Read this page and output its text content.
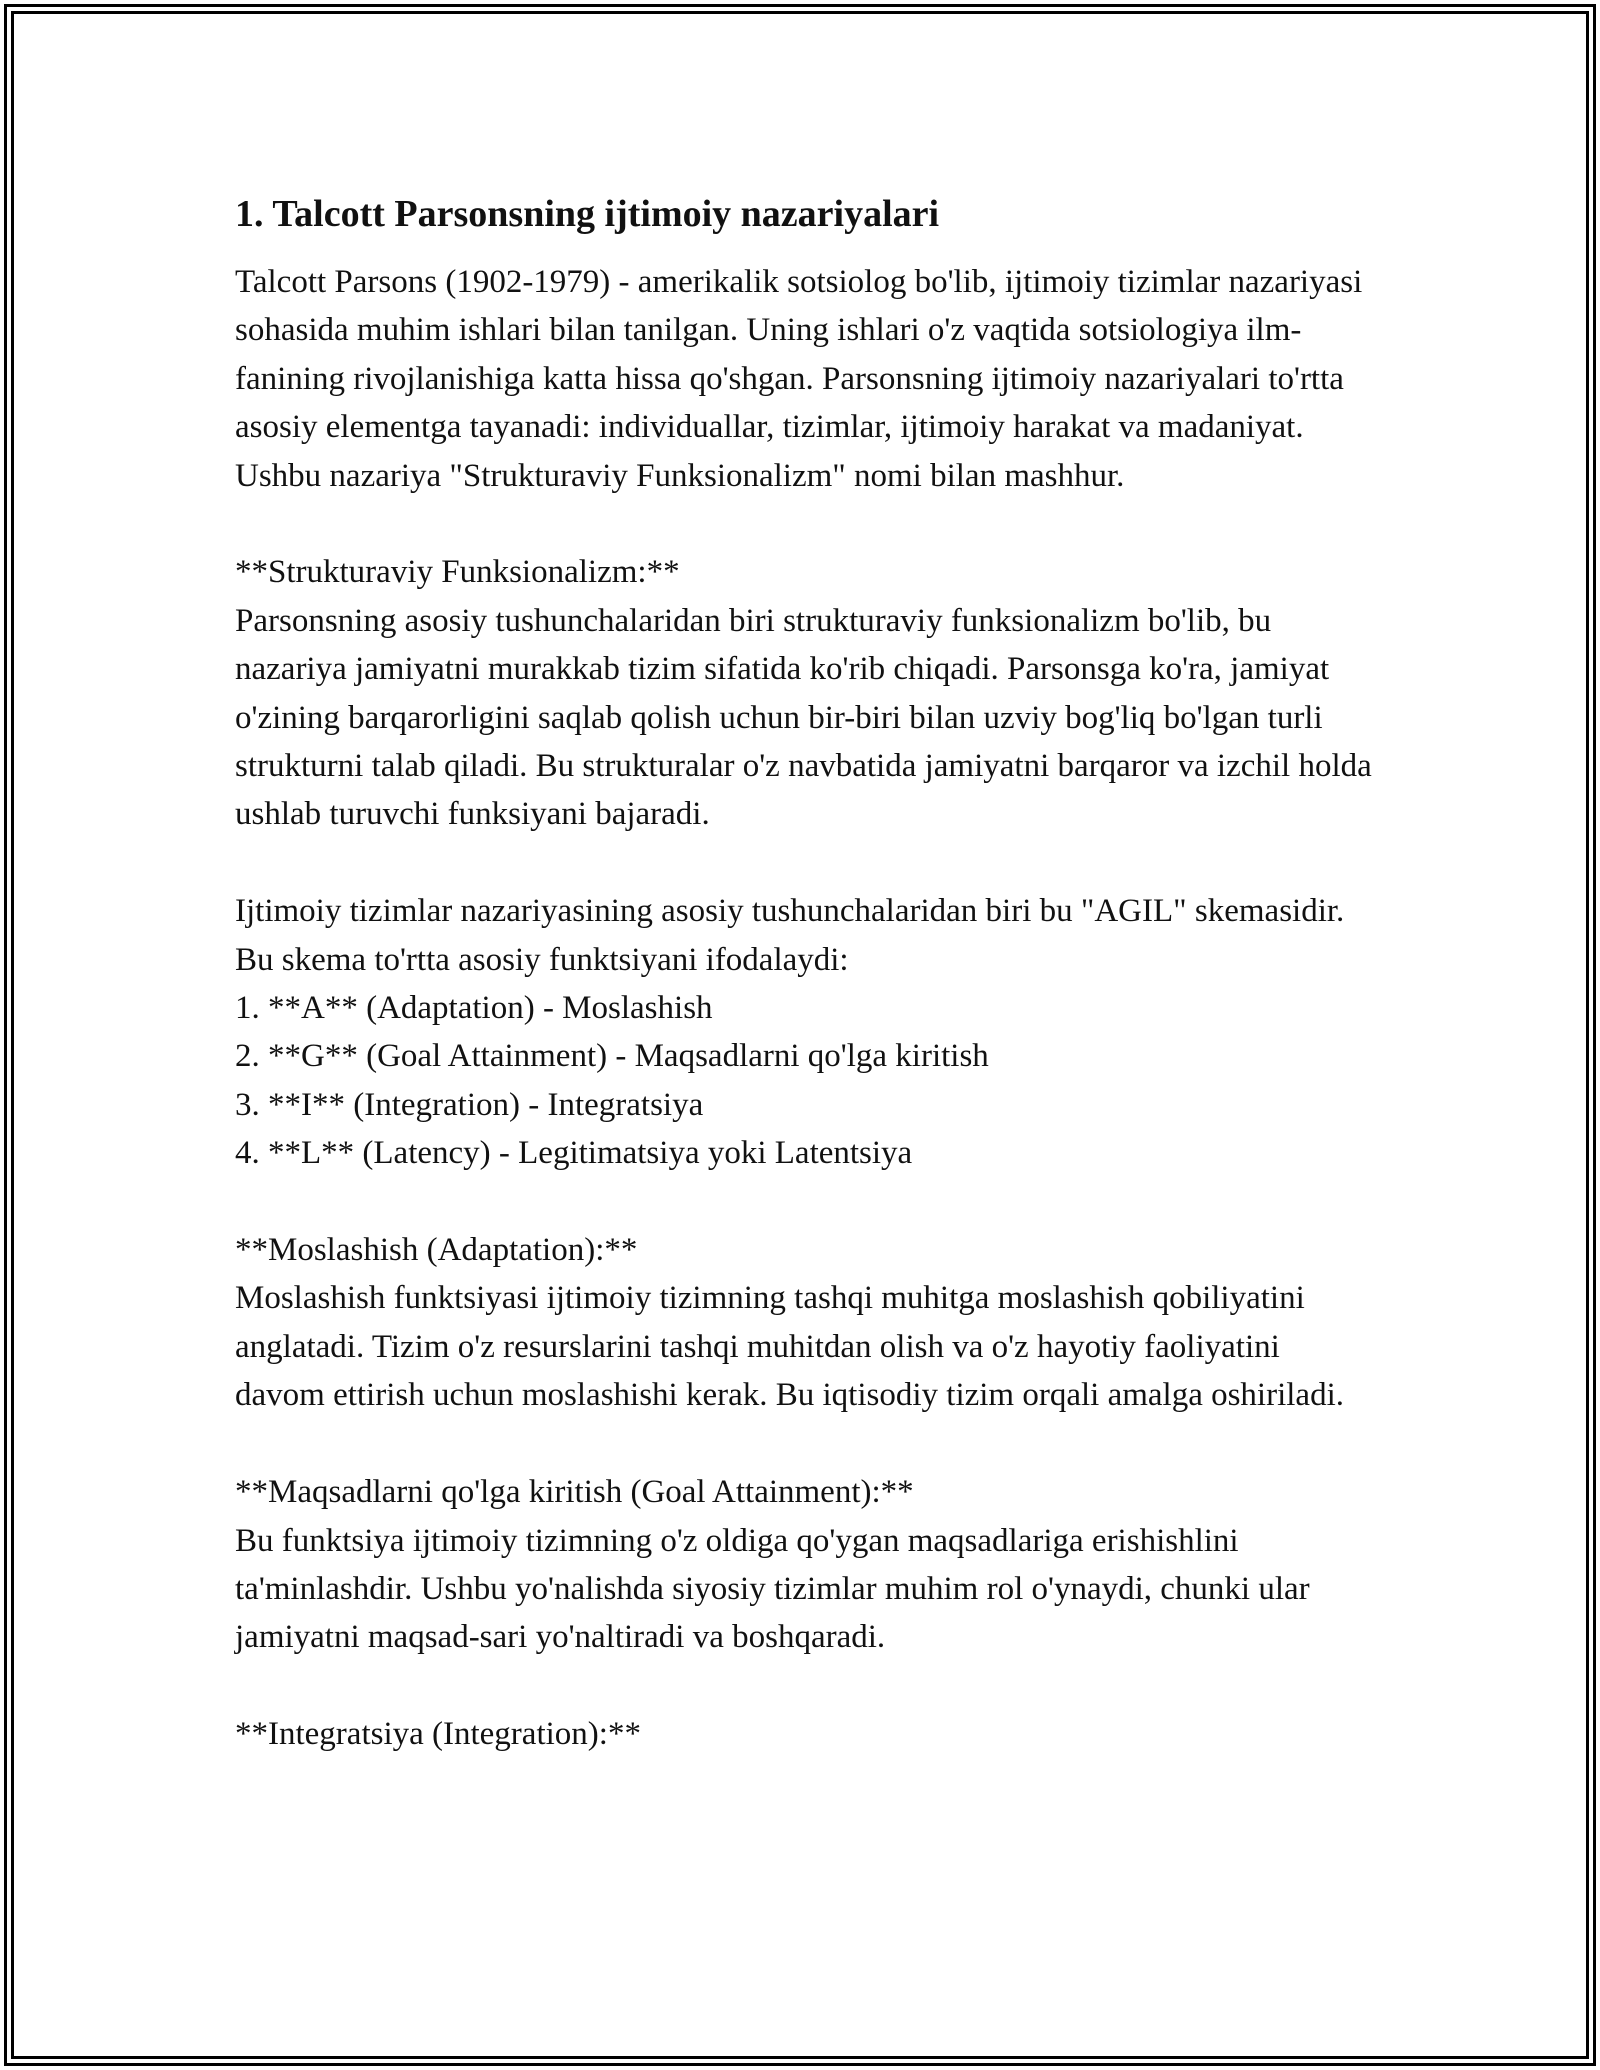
1. Talcott Parsonsning ijtimoiy nazariyalari

Talcott Parsons (1902-1979) - amerikalik sotsiolog bo'lib, ijtimoiy tizimlar nazariyasi sohasida muhim ishlari bilan tanilgan. Uning ishlari o'z vaqtida sotsiologiya ilm-fanining rivojlanishiga katta hissa qo'shgan. Parsonsning ijtimoiy nazariyalari to'rtta asosiy elementga tayanadi: individuallar, tizimlar, ijtimoiy harakat va madaniyat. Ushbu nazariya "Strukturaviy Funksionalizm" nomi bilan mashhur.

**Strukturaviy Funksionalizm:**

Parsonsning asosiy tushunchalaridan biri strukturaviy funksionalizm bo'lib, bu nazariya jamiyatni murakkab tizim sifatida ko'rib chiqadi. Parsonsga ko'ra, jamiyat o'zining barqarorligini saqlab qolish uchun bir-biri bilan uzviy bog'liq bo'lgan turli strukturni talab qiladi. Bu strukturalar o'z navbatida jamiyatni barqaror va izchil holda ushlab turuvchi funksiyani bajaradi.

Ijtimoiy tizimlar nazariyasining asosiy tushunchalaridan biri bu "AGIL" skemasidir. Bu skema to'rtta asosiy funktsiyani ifodalaydi:

1. **A** (Adaptation) - Moslashish

2. **G** (Goal Attainment) - Maqsadlarni qo'lga kiritish

3. **I** (Integration) - Integratsiya

4. **L** (Latency) - Legitimatsiya yoki Latentsiya

**Moslashish (Adaptation):**

Moslashish funktsiyasi ijtimoiy tizimning tashqi muhitga moslashish qobiliyatini anglatadi. Tizim o'z resurslarini tashqi muhitdan olish va o'z hayotiy faoliyatini davom ettirish uchun moslashishi kerak. Bu iqtisodiy tizim orqali amalga oshiriladi.

**Maqsadlarni qo'lga kiritish (Goal Attainment):**

Bu funktsiya ijtimoiy tizimning o'z oldiga qo'ygan maqsadlariga erishishlini ta'minlashdir. Ushbu yo'nalishda siyosiy tizimlar muhim rol o'ynaydi, chunki ular jamiyatni maqsad-sari yo'naltiradi va boshqaradi.

**Integratsiya (Integration):**
